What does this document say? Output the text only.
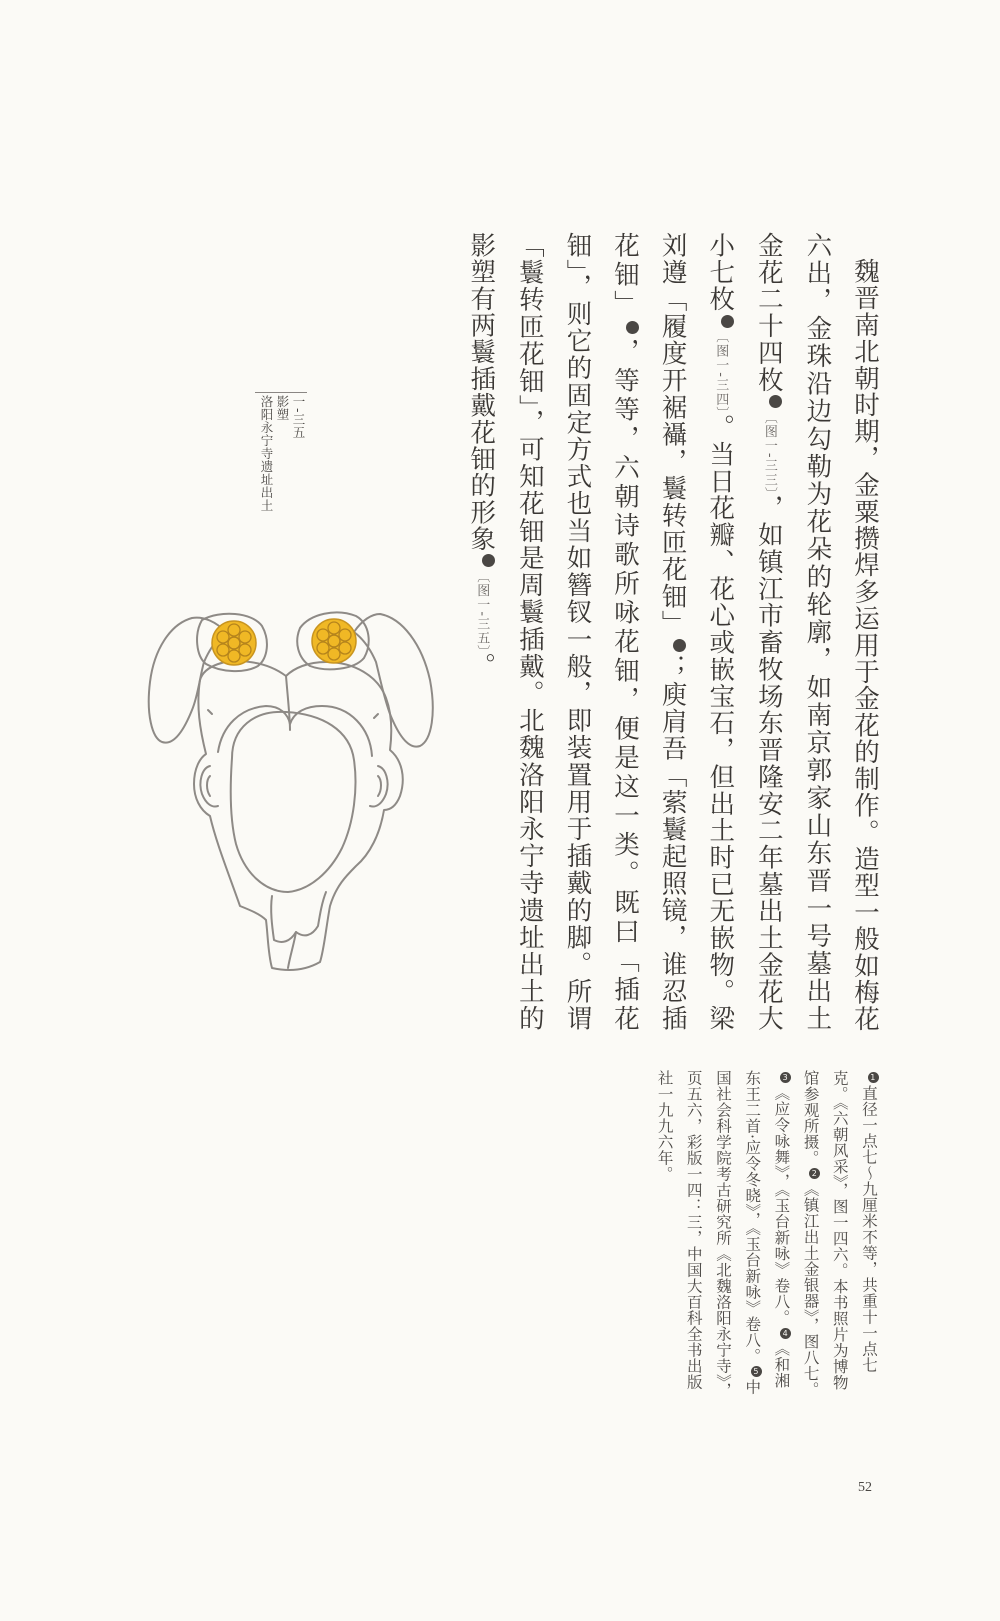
魏晋南北朝时期，金粟攒焊多运用于金花的制作。造型一般如梅花六出，金珠沿边勾勒为花朵的轮廓，如南京郭家山东晋一号墓出土金花二十四枚1〔图一-三三〕，如镇江市畜牧场东晋隆安二年墓出土金花大小七枚2〔图一-三四〕。当日花瓣、花心或嵌宝石，但出土时已无嵌物。梁刘遵「履度开裾襵，鬟转匝花钿」3；庾肩吾「萦鬟起照镜，谁忍插花钿」4，等等，六朝诗歌所咏花钿，便是这一类。既曰「插花钿」，则它的固定方式也当如簪钗一般，即装置用于插戴的脚。所谓「鬟转匝花钿」，可知花钿是周鬟插戴。北魏洛阳永宁寺遗址出土的影塑有两鬟插戴花钿的形象5〔图一-三五〕。

一-三五
影塑
洛阳永宁寺遗址出土
1直径一点七～九厘米不等，共重十一点七克。《六朝风采》，图一四六。本书照片为博物馆参观所摄。2《镇江出土金银器》，图八七。3《应令咏舞》，《玉台新咏》卷八。4《和湘东王二首·应令冬晓》，《玉台新咏》卷八。5中国社会科学院考古研究所《北魏洛阳永宁寺》，页五六，彩版一四：三，中国大百科全书出版社一九九六年。
52
